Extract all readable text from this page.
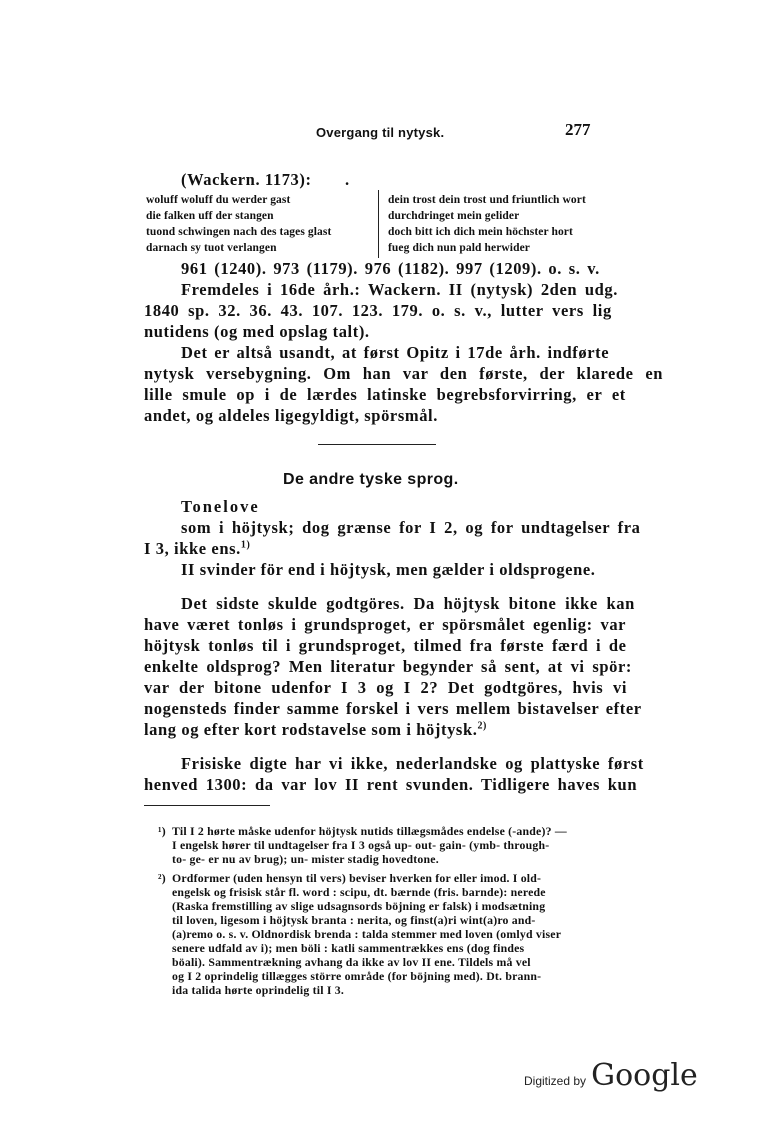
Overgang til nytysk.	277
(Wackern. 1173): .
woluff woluff du werder gast
die falken uff der stangen
tuond schwingen nach des tages glast
darnach sy tuot verlangen
dein trost dein trost und friuntlich wort
durchdringet mein gelider
doch bitt ich dich mein höchster hort
fueg dich nun pald herwider
961 (1240). 973 (1179). 976 (1182). 997 (1209). o. s. v.
Fremdeles i 16de årh.: Wackern. II (nytysk) 2den udg.
1840 sp. 32. 36. 43. 107. 123. 179. o. s. v., lutter vers lig
nutidens (og med opslag talt).
Det er altså usandt, at først Opitz i 17de årh. indførte
nytysk versebygning. Om han var den første, der klarede en
lille smule op i de lærdes latinske begrebsforvirring, er et
andet, og aldeles ligegyldigt, spörsmål.
De andre tyske sprog.
Tonelove
som i höjtysk; dog grænse for I 2, og for undtagelser fra
I 3, ikke ens.$^{1)}$
II svinder för end i höjtysk, men gælder i oldsprogene.
Det sidste skulde godtgöres. Da höjtysk bitone ikke kan
have været tonløs i grundsproget, er spörsmålet egenlig: var
höjtysk tonløs til i grundsproget, tilmed fra første færd i de
enkelte oldsprog? Men literatur begynder så sent, at vi spör:
var der bitone udenfor I 3 og I 2? Det godtgöres, hvis vi
nogensteds finder samme forskel i vers mellem bistavelser efter
lang og efter kort rodstavelse som i höjtysk.$^{2)}$
Frisiske digte har vi ikke, nederlandske og plattyske først
henved 1300: da var lov II rent svunden. Tidligere haves kun
¹) Til I 2 hørte måske udenfor höjtysk nutids tillægsmådes endelse (-ande)? —
I engelsk hører til undtagelser fra I 3 også up- out- gain- (ymb- through-
to- ge- er nu av brug); un- mister stadig hovedtone.
²) Ordformer (uden hensyn til vers) beviser hverken for eller imod. I old-
engelsk og frisisk står fl. word : scipu, dt. bærnde (fris. barnde): nerede
(Raska fremstilling av slige udsagnsords böjning er falsk) i modsætning
til loven, ligesom i höjtysk branta : nerita, og finst(a)ri wint(a)ro and-
(a)remo o. s. v. Oldnordisk brenda : talda stemmer med loven (omlyd viser
senere udfald av i); men böli : katli sammentrækkes ens (dog findes
böali). Sammentrækning avhang da ikke av lov II ene. Tildels må vel
og I 2 oprindelig tillægges större område (for böjning med). Dt. brann-
ida talida hørte oprindelig til I 3.
Digitized by Google
